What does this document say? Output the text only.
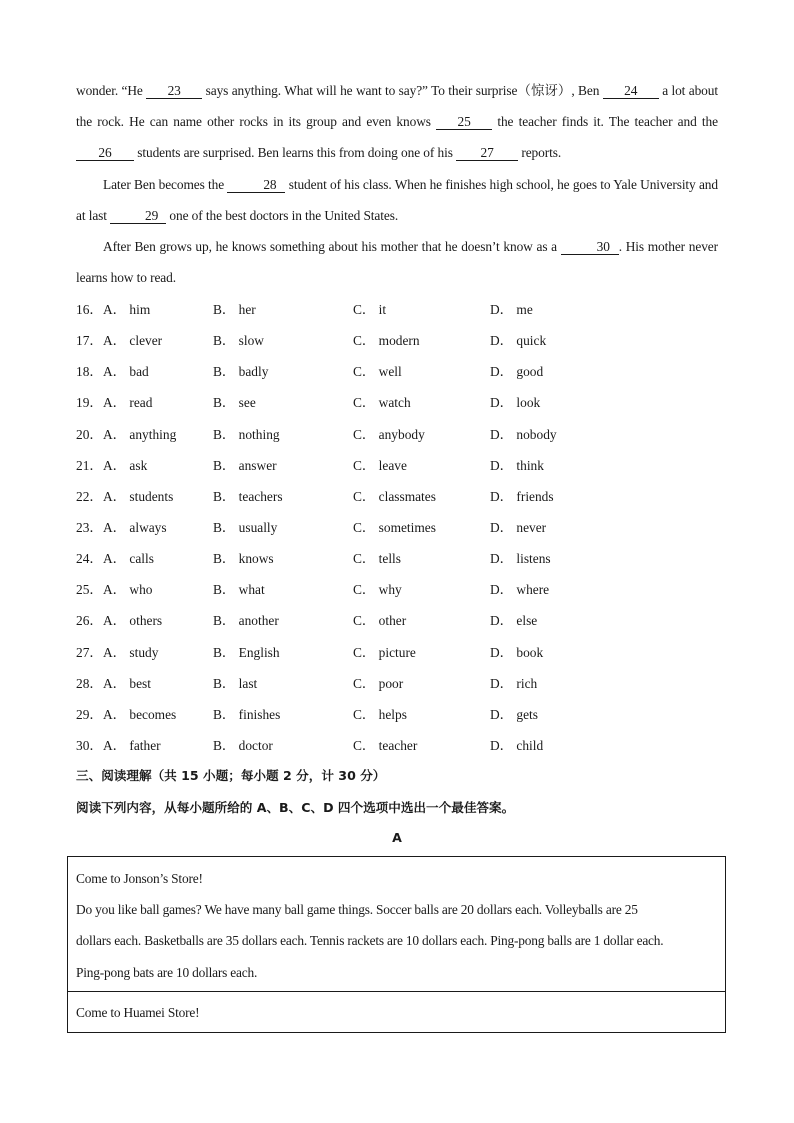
wonder. “He 23 says anything. What will he want to say?” To their surprise（惊讶）, Ben 24 a lot about the rock. He can name other rocks in its group and even knows 25 the teacher finds it. The teacher and the 26 students are surprised. Ben learns this from doing one of his 27 reports.
Later Ben becomes the	28 student of his class. When he finishes high school, he goes to Yale University and at last	29 one of the best doctors in the United States.
After Ben grows up, he knows something about his mother that he doesn’t know as a	30 . His mother never learns how to read.
16． A． him	B． her	C． it	D． me
17． A． clever	B． slow	C． modern	D． quick
18． A． bad	B． badly	C． well	D． good
19． A． read	B． see	C． watch	D． look
20． A． anything	B． nothing	C． anybody	D． nobody
21． A． ask	B． answer	C． leave	D． think
22． A． students	B． teachers	C． classmates	D． friends
23． A． always	B． usually	C． sometimes	D． never
24． A． calls	B． knows	C． tells	D． listens
25． A． who	B． what	C． why	D． where
26． A． others	B． another	C． other	D． else
27． A． study	B． English	C． picture	D． book
28． A． best	B． last	C． poor	D． rich
29． A． becomes	B． finishes	C． helps	D． gets
30． A． father	B． doctor	C． teacher	D． child
三、阅读理解（共 15 小题；每小题 2 分，计 30 分）
阅读下列内容，从每小题所给的 A、B、C、D 四个选项中选出一个最佳答案。
A
Come to Jonson’s Store!
Do you like ball games? We have many ball game things. Soccer balls are 20 dollars each. Volleyballs are 25
dollars each. Basketballs are 35 dollars each. Tennis rackets are 10 dollars each. Ping-pong balls are 1 dollar each.
Ping-pong bats are 10 dollars each.
Come to Huamei Store!
